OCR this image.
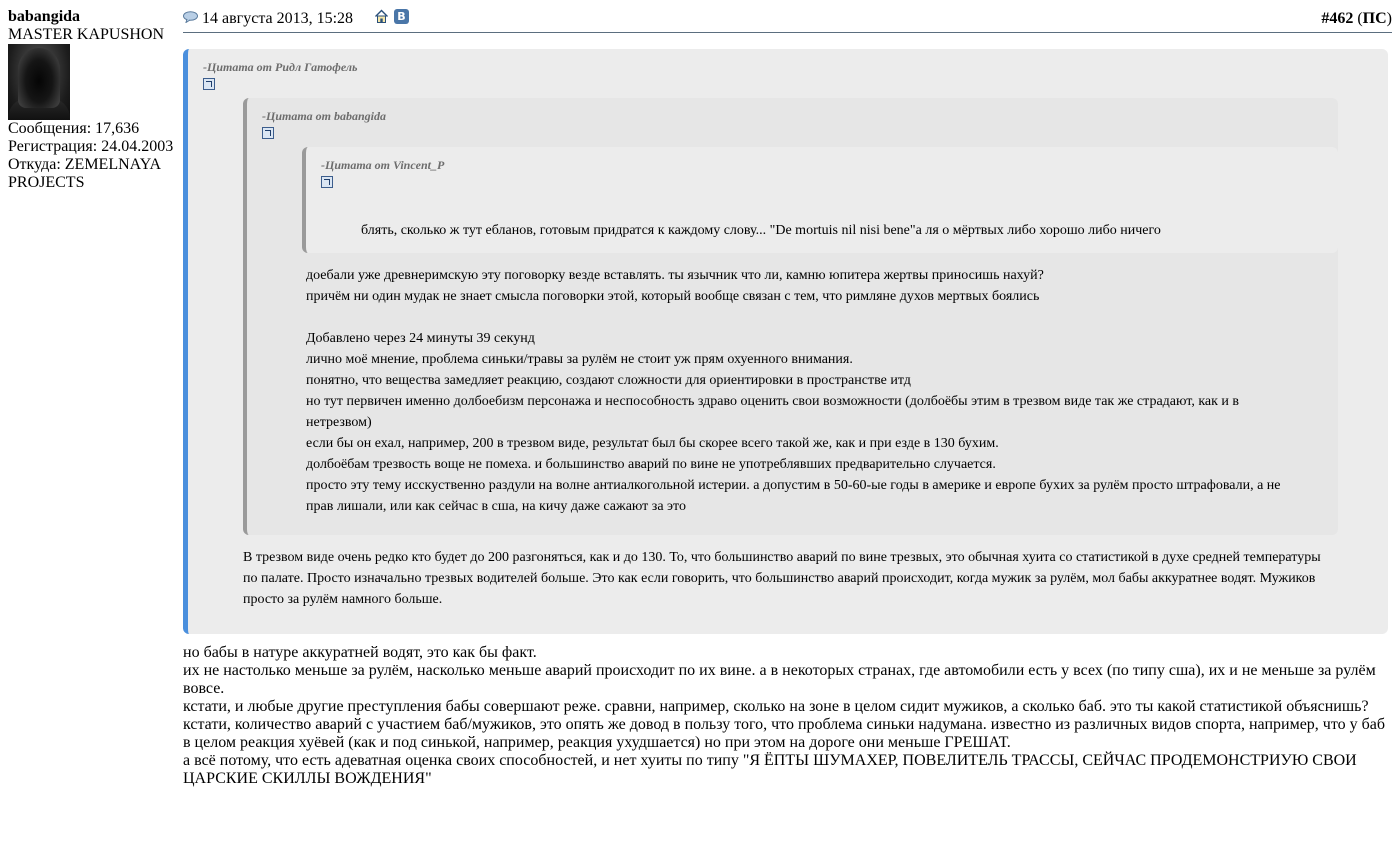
babangida
MASTER KAPUSHON
Сообщения: 17,636
Регистрация: 24.04.2003
Откуда: ZEMELNAYA PROJECTS
14 августа 2013, 15:28	В	#462 (ПС)
-Цитата от Ридл Гатофель
-Цитата от babangida
-Цитата от Vincent_P

блять, сколько ж тут ебланов, готовым придратся к каждому слову... "De mortuis nil nisi bene"а ля о мёртвых либо хорошо либо ничего

доебали уже древнеримскую эту поговорку везде вставлять. ты язычник что ли, камню юпитера жертвы приносишь нахуй?

причём ни один мудак не знает смысла поговорки этой, который вообще связан с тем, что римляне духов мертвых боялись

Добавлено через 24 минуты 39 секунд

лично моё мнение, проблема синьки/травы за рулём не стоит уж прям охуенного внимания.

понятно, что вещества замедляет реакцию, создают сложности для ориентировки в пространстве итд

но тут первичен именно долбоебизм персонажа и неспособность здраво оценить свои возможности (долбоёбы этим в трезвом виде так же страдают, как и в нетрезвом)

если бы он ехал, например, 200 в трезвом виде, результат был бы скорее всего такой же, как и при езде в 130 бухим.

долбоёбам трезвость воще не помеха. и большинство аварий по вине не употреблявших предварительно случается.

просто эту тему исскуственно раздули на волне антиалкогольной истерии. а допустим в 50-60-ые годы в америке и европе бухих за рулём просто штрафовали, а не прав лишали, или как сейчас в сша, на кичу даже сажают за это

В трезвом виде очень редко кто будет до 200 разгоняться, как и до 130. То, что большинство аварий по вине трезвых, это обычная хуита со статистикой в духе средней температуры по палате. Просто изначально трезвых водителей больше. Это как если говорить, что большинство аварий происходит, когда мужик за рулём, мол бабы аккуратнее водят. Мужиков просто за рулём намного больше.

но бабы в натуре аккуратней водят, это как бы факт.

их не настолько меньше за рулём, насколько меньше аварий происходит по их вине. а в некоторых странах, где автомобили есть у всех (по типу сша), их и не меньше за рулём вовсе.

кстати, и любые другие преступления бабы совершают реже. сравни, например, сколько на зоне в целом сидит мужиков, а сколько баб. это ты какой статистикой объяснишь?

кстати, количество аварий с участием баб/мужиков, это опять же довод в пользу того, что проблема синьки надумана. известно из различных видов спорта, например, что у баб в целом реакция хуёвей (как и под синькой, например, реакция ухудшается) но при этом на дороге они меньше ГРЕШАТ.

а всё потому, что есть адеватная оценка своих способностей, и нет хуиты по типу "Я ЁПТЫ ШУМАХЕР, ПОВЕЛИТЕЛЬ ТРАССЫ, СЕЙЧАС ПРОДЕМОНСТРИУЮ СВОИ ЦАРСКИЕ СКИЛЛЫ ВОЖДЕНИЯ"
